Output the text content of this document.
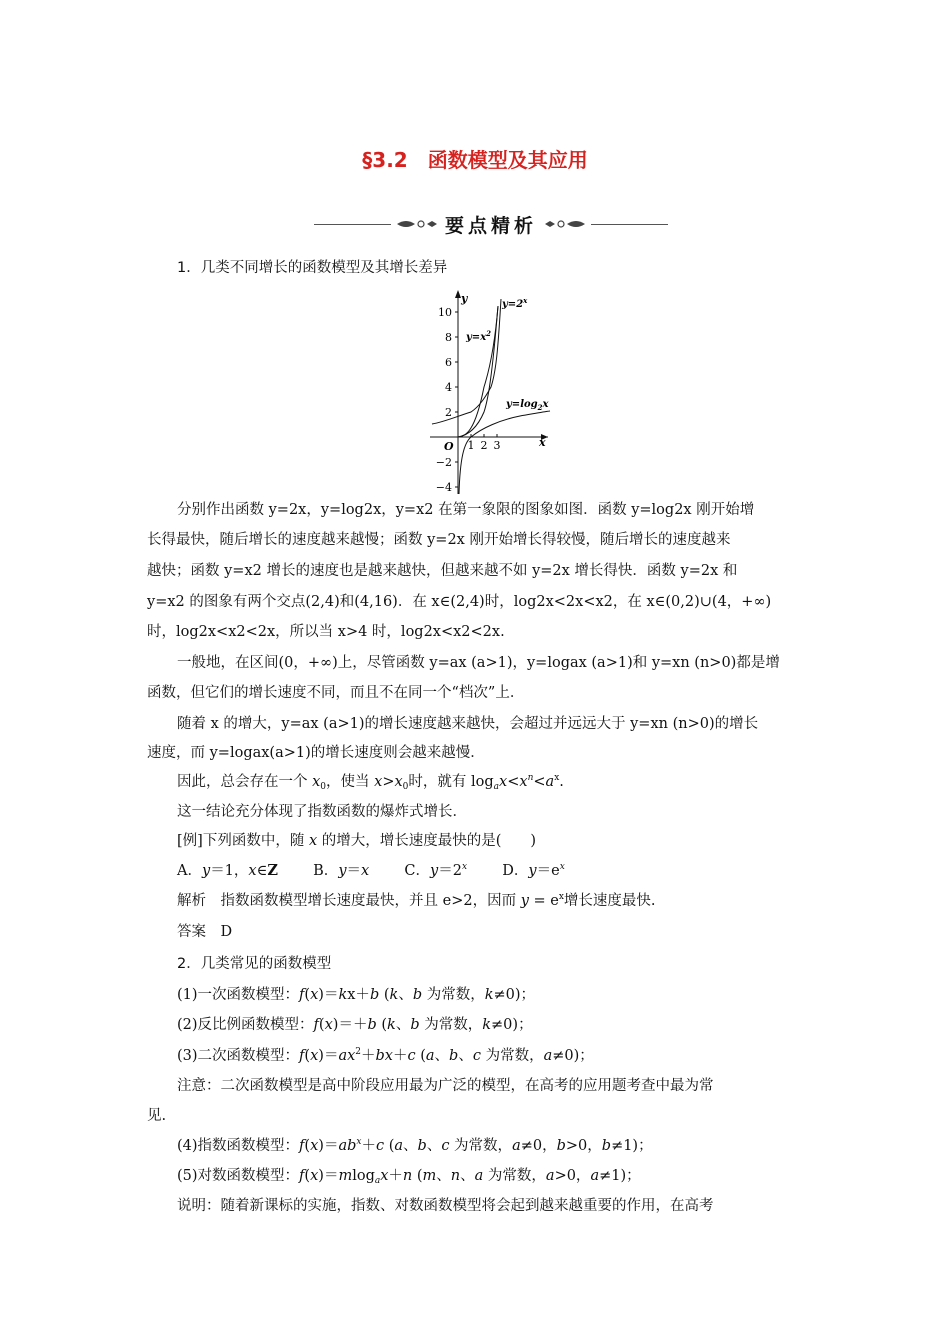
§3.2　函数模型及其应用
要点精析
1．几类不同增长的函数模型及其增长差异
y
x
O
10
8
6
4
2
−2
−4
1 2 3
$y=2^x$
$y=x^2$
$y=\log_2x$
分别作出函数 y=2x，y=log2x，y=x2 在第一象限的图象如图．函数 y=log2x 刚开始增
长得最快，随后增长的速度越来越慢；函数 y=2x 刚开始增长得较慢，随后增长的速度越来
越快；函数 y=x2 增长的速度也是越来越快，但越来越不如 y=2x 增长得快．函数 y=2x 和
y=x2 的图象有两个交点(2,4)和(4,16)．在 x∈(2,4)时，log2x<2x<x2，在 x∈(0,2)∪(4，+∞)
时，log2x<x2<2x，所以当 x>4 时，log2x<x2<2x.
一般地，在区间(0，+∞)上，尽管函数 y=ax (a>1)，y=logax (a>1)和 y=xn (n>0)都是增
函数，但它们的增长速度不同，而且不在同一个“档次”上．
随着 x 的增大，y=ax (a>1)的增长速度越来越快，会超过并远远大于 y=xn (n>0)的增长
速度，而 y=logax(a>1)的增长速度则会越来越慢．
因此，总会存在一个 $x_0$，使当 $x>x_0$时，就有 $\log_ax<x^n<a^x$.
这一结论充分体现了指数函数的爆炸式增长．
[例]下列函数中，随 x 的增大，增长速度最快的是(　　)
A．y＝1，x∈Z B．y＝x C．$y=2^x$ D．$y=e^x$
解析　指数函数模型增长速度最快，并且 e>2，因而 $y = e^x$增长速度最快.
答案　D
2．几类常见的函数模型
(1)一次函数模型：f(x)＝kx＋b (k、b 为常数，k≠0)；
(2)反比例函数模型：f(x)＝＋b (k、b 为常数，k≠0)；
(3)二次函数模型：$f(x)=ax^2+bx+c$ (a、b、c 为常数，a≠0)；
注意：二次函数模型是高中阶段应用最为广泛的模型，在高考的应用题考查中最为常
见.
(4)指数函数模型：$f(x)=ab^x+c$ (a、b、c 为常数，a≠0，b>0，b≠1)；
(5)对数函数模型：f(x)＝mlog$_a$x＋n (m、n、a 为常数，a>0，a≠1)；
说明：随着新课标的实施，指数、对数函数模型将会起到越来越重要的作用，在高考
